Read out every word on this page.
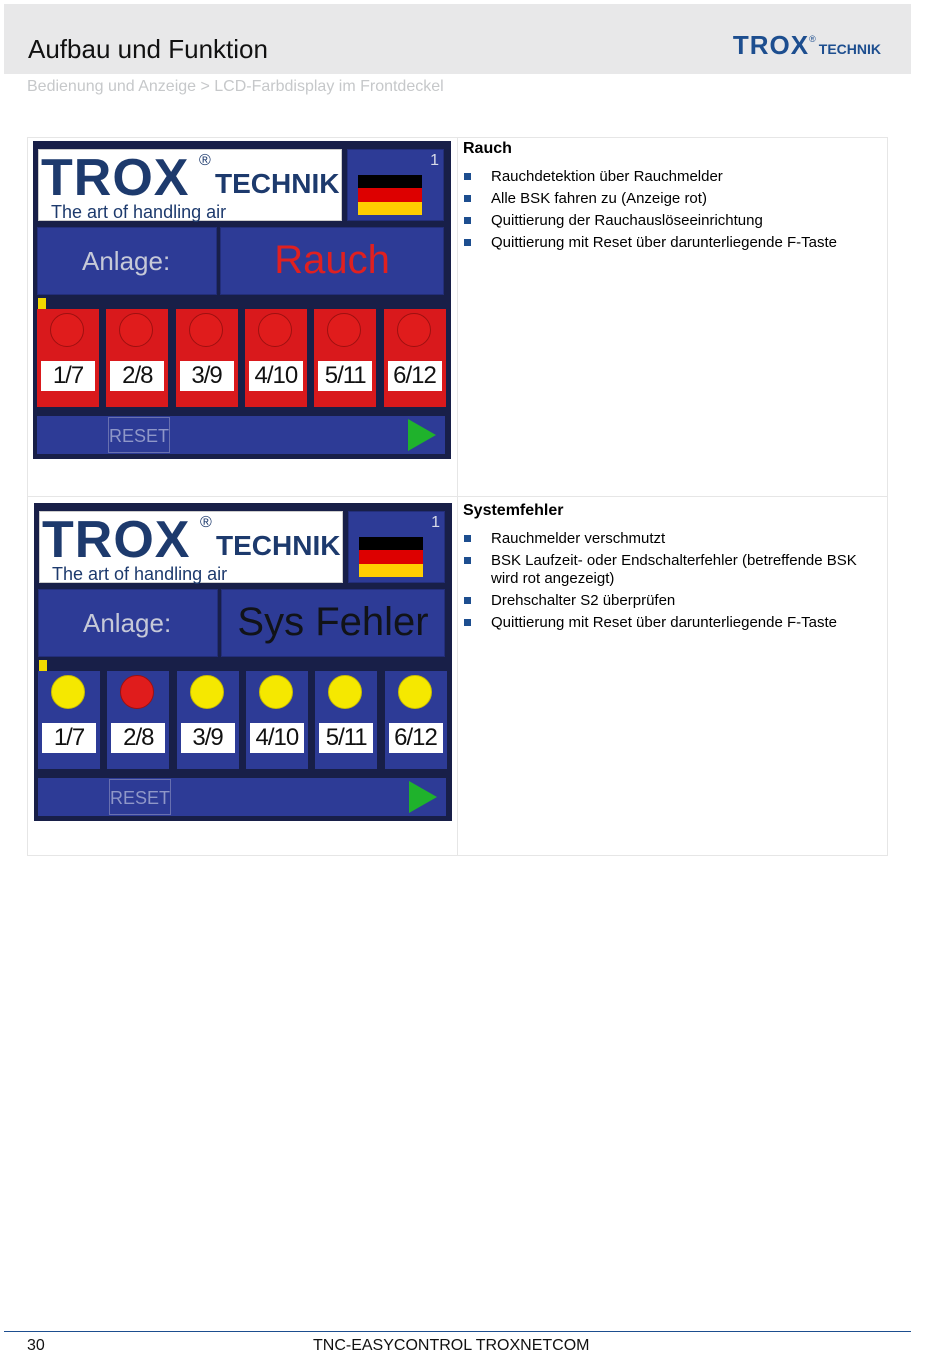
Aufbau und Funktion	TROX ®
TECHNIK
Bedienung und Anzeige > LCD-Farbdisplay im Frontdeckel
TROX ®
TECHNIK
The art of handling air
1
Anlage:	Rauch
1/7	2/8	3/9	4/10 5/11 6/12
RESET
TROX ®
TECHNIK
The art of handling air
1
Anlage:	Sys Fehler
1/7	2/8	3/9	4/10 5/11 6/12
RESET
Rauch
Rauchdetektion über Rauchmelder
Alle BSK fahren zu (Anzeige rot)
Quittierung der Rauchauslöseeinrichtung
Quittierung mit Reset über darunterliegende F-Taste
Systemfehler
Rauchmelder verschmutzt
BSK Laufzeit- oder Endschalterfehler (betreffende BSK wird rot angezeigt)
Drehschalter S2 überprüfen
Quittierung mit Reset über darunterliegende F-Taste
30	TNC-EASYCONTROL TROXNETCOM
